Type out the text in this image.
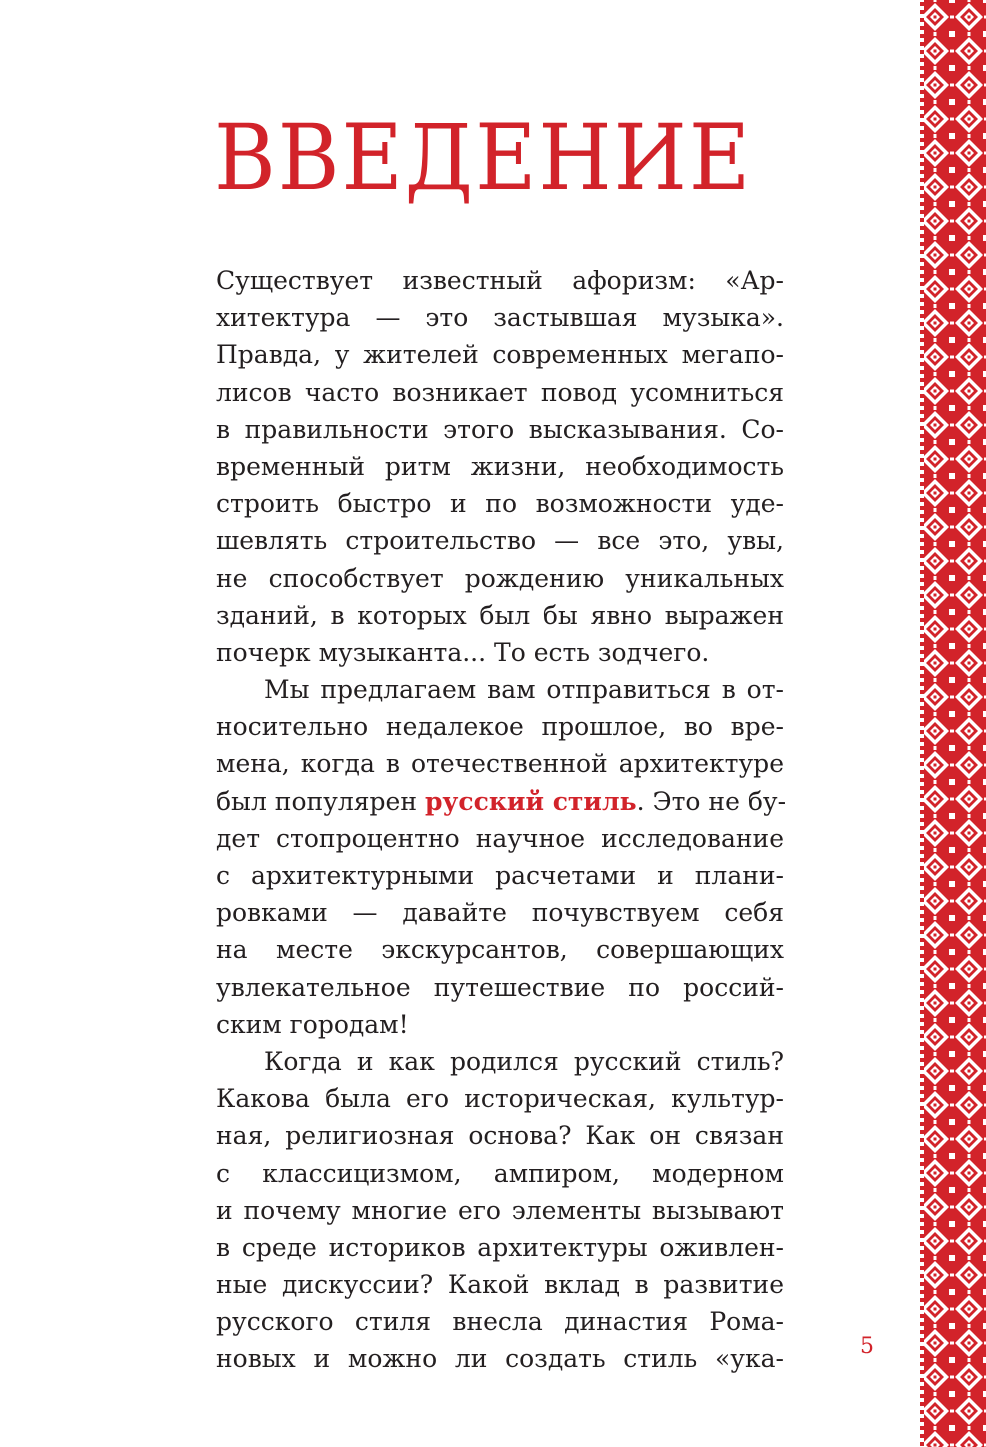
ВВЕДЕНИЕ

Существует известный афоризм: «Ар-
хитектура — это застывшая музыка».
Правда, у жителей современных мегапо-
лисов часто возникает повод усомниться
в правильности этого высказывания. Со-
временный ритм жизни, необходимость
строить быстро и по возможности уде-
шевлять строительство — все это, увы,
не способствует рождению уникальных
зданий, в которых был бы явно выражен
почерк музыканта... То есть зодчего.

Мы предлагаем вам отправиться в от-
носительно недалекое прошлое, во вре-
мена, когда в отечественной архитектуре
был популярен русский стиль. Это не бу-
дет стопроцентно научное исследование
с архитектурными расчетами и плани-
ровками — давайте почувствуем себя
на месте экскурсантов, совершающих
увлекательное путешествие по россий-
ским городам!

Когда и как родился русский стиль?
Какова была его историческая, культур-
ная, религиозная основа? Как он связан
с классицизмом, ампиром, модерном
и почему многие его элементы вызывают
в среде историков архитектуры оживлен-
ные дискуссии? Какой вклад в развитие
русского стиля внесла династия Рома-
новых и можно ли создать стиль «ука-	5
